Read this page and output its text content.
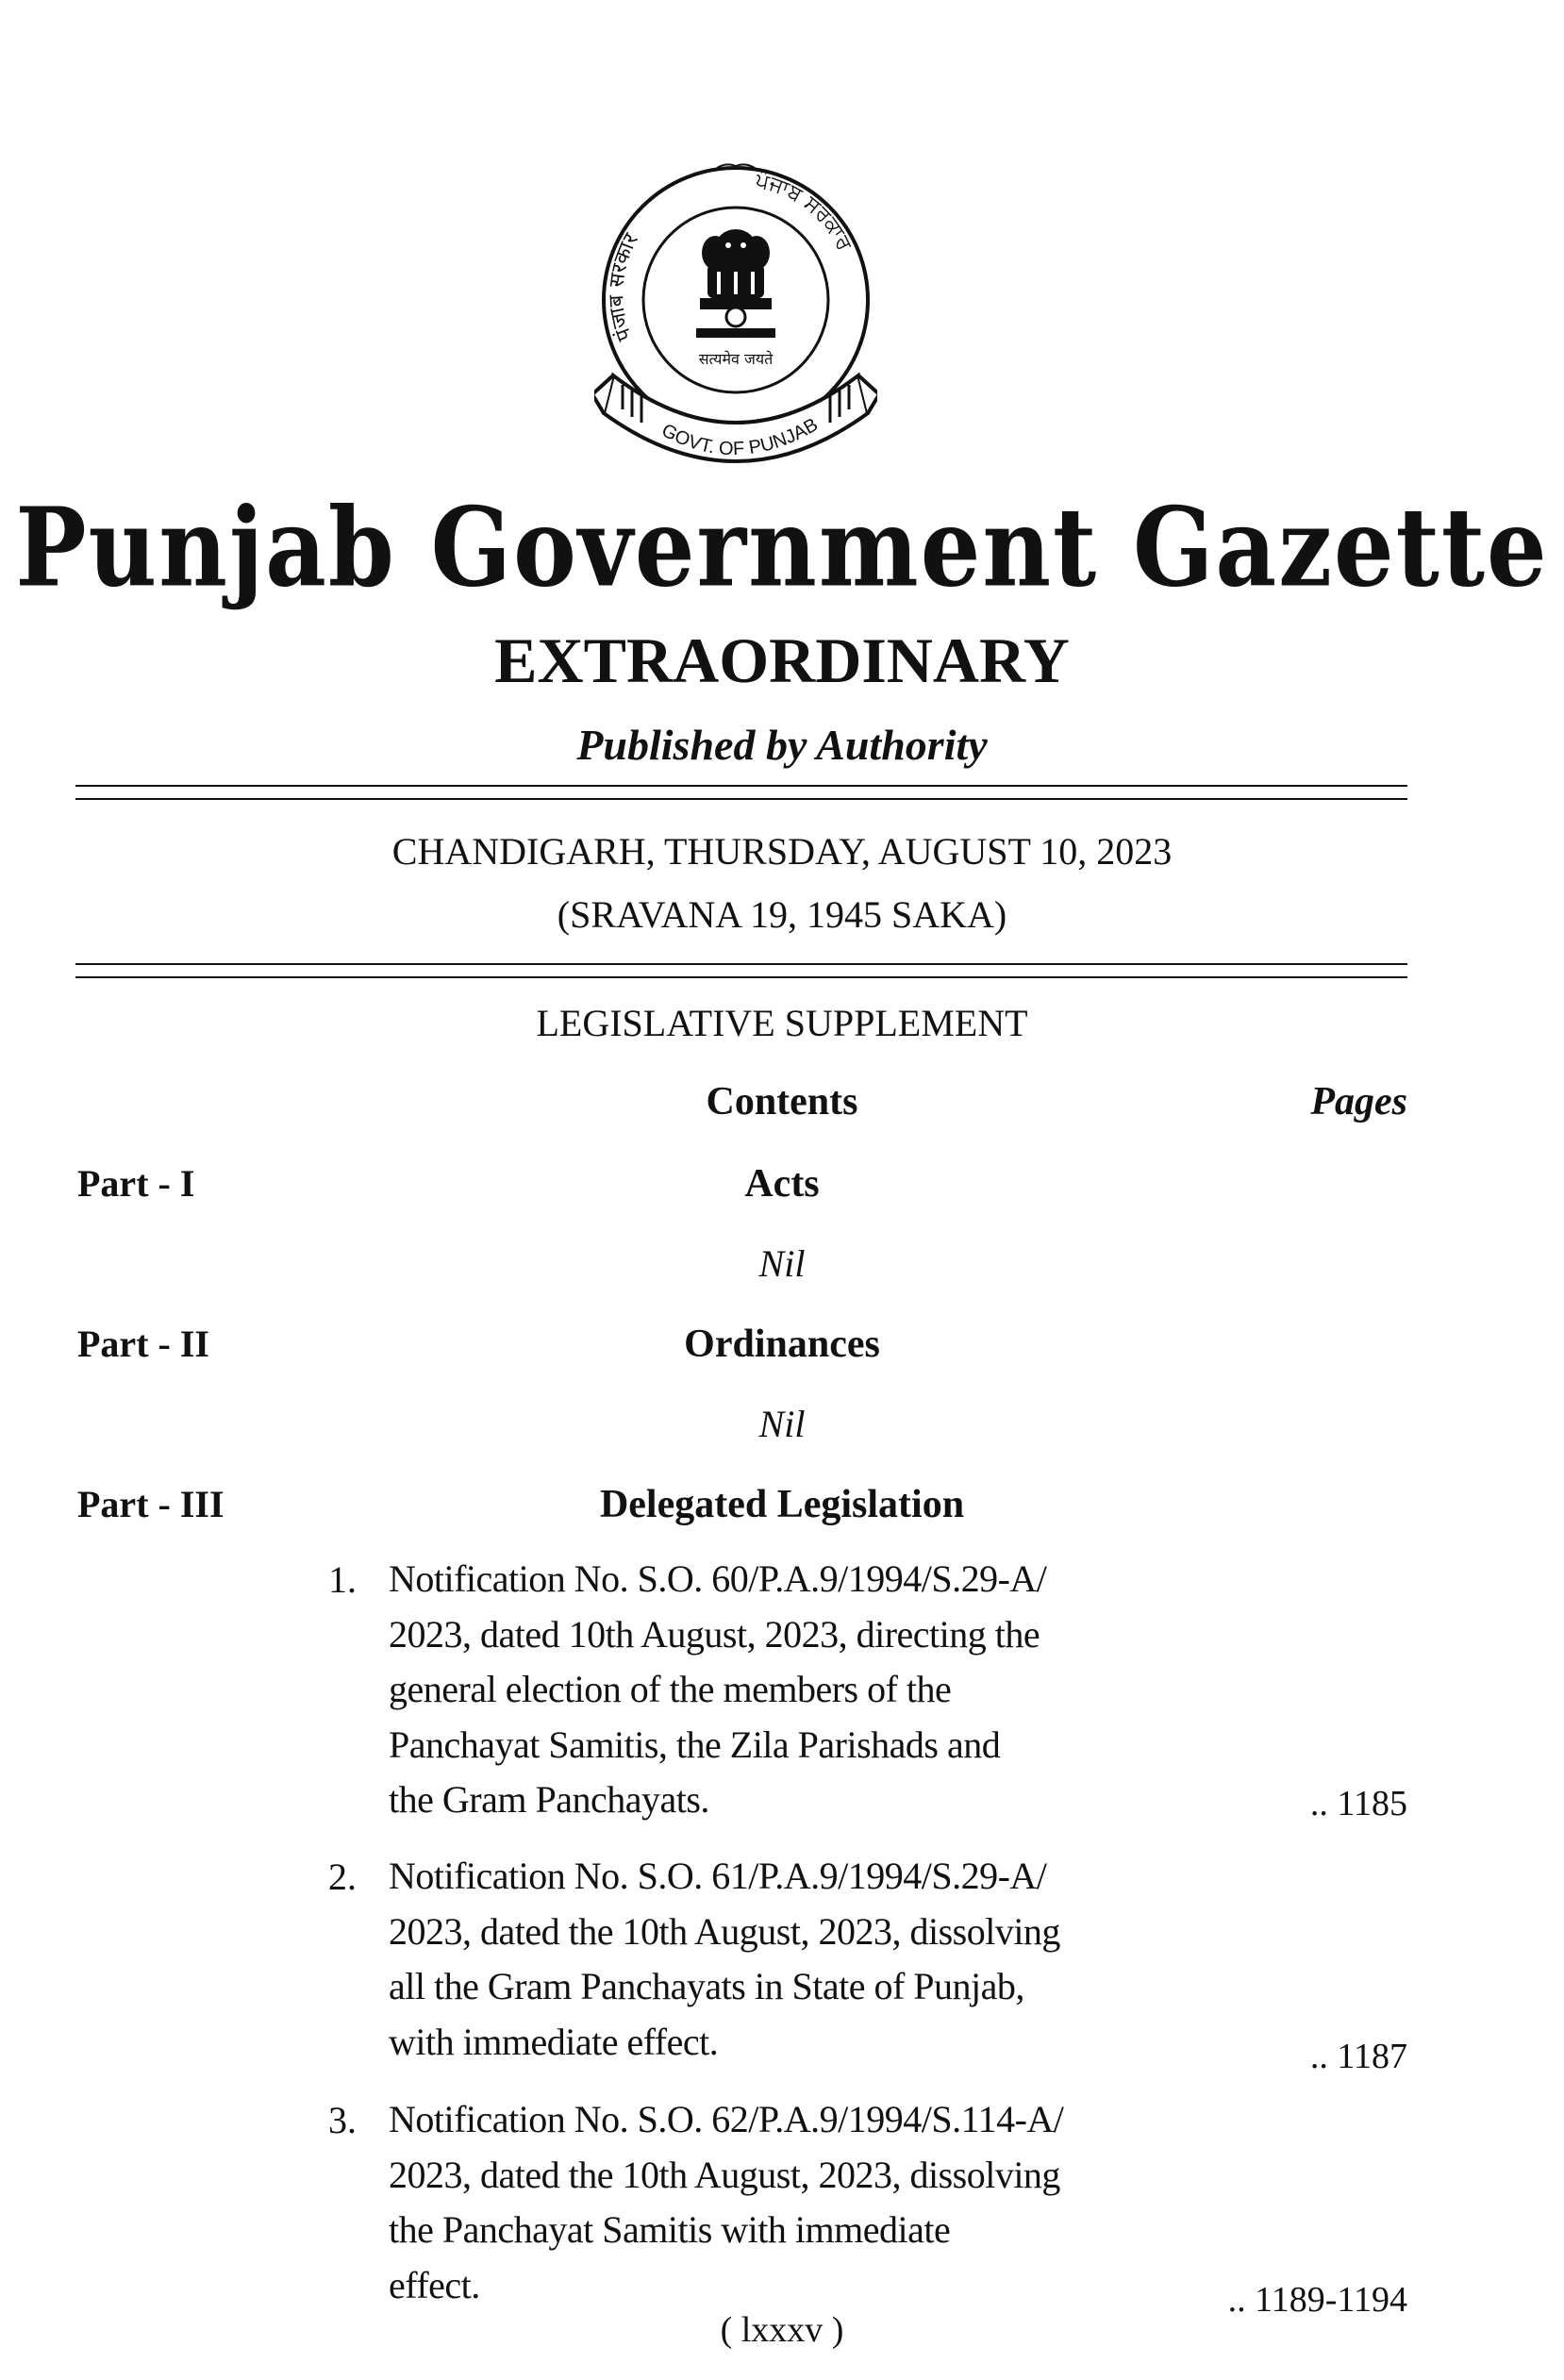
पंजाब सरकार
ਪੰਜਾਬ ਸਰਕਾਰ
सत्यमेव जयते
GOVT. OF PUNJAB
Punjab Government Gazette
EXTRAORDINARY
Published by Authority
CHANDIGARH, THURSDAY, AUGUST 10, 2023
(SRAVANA 19, 1945 SAKA)
LEGISLATIVE SUPPLEMENT
Contents	Pages
Part - I	Acts
Nil
Part - II	Ordinances
Nil
Part - III	Delegated Legislation
1. Notification No. S.O. 60/P.A.9/1994/S.29-A/
2023, dated 10th August, 2023, directing the
general election of the members of the
Panchayat Samitis, the Zila Parishads and
the Gram Panchayats.	.. 1185
2. Notification No. S.O. 61/P.A.9/1994/S.29-A/
2023, dated the 10th August, 2023, dissolving
all the Gram Panchayats in State of Punjab,
with immediate effect.	.. 1187
3. Notification No. S.O. 62/P.A.9/1994/S.114-A/
2023, dated the 10th August, 2023, dissolving
the Panchayat Samitis with immediate
effect.	.. 1189-1194
( lxxxv )
